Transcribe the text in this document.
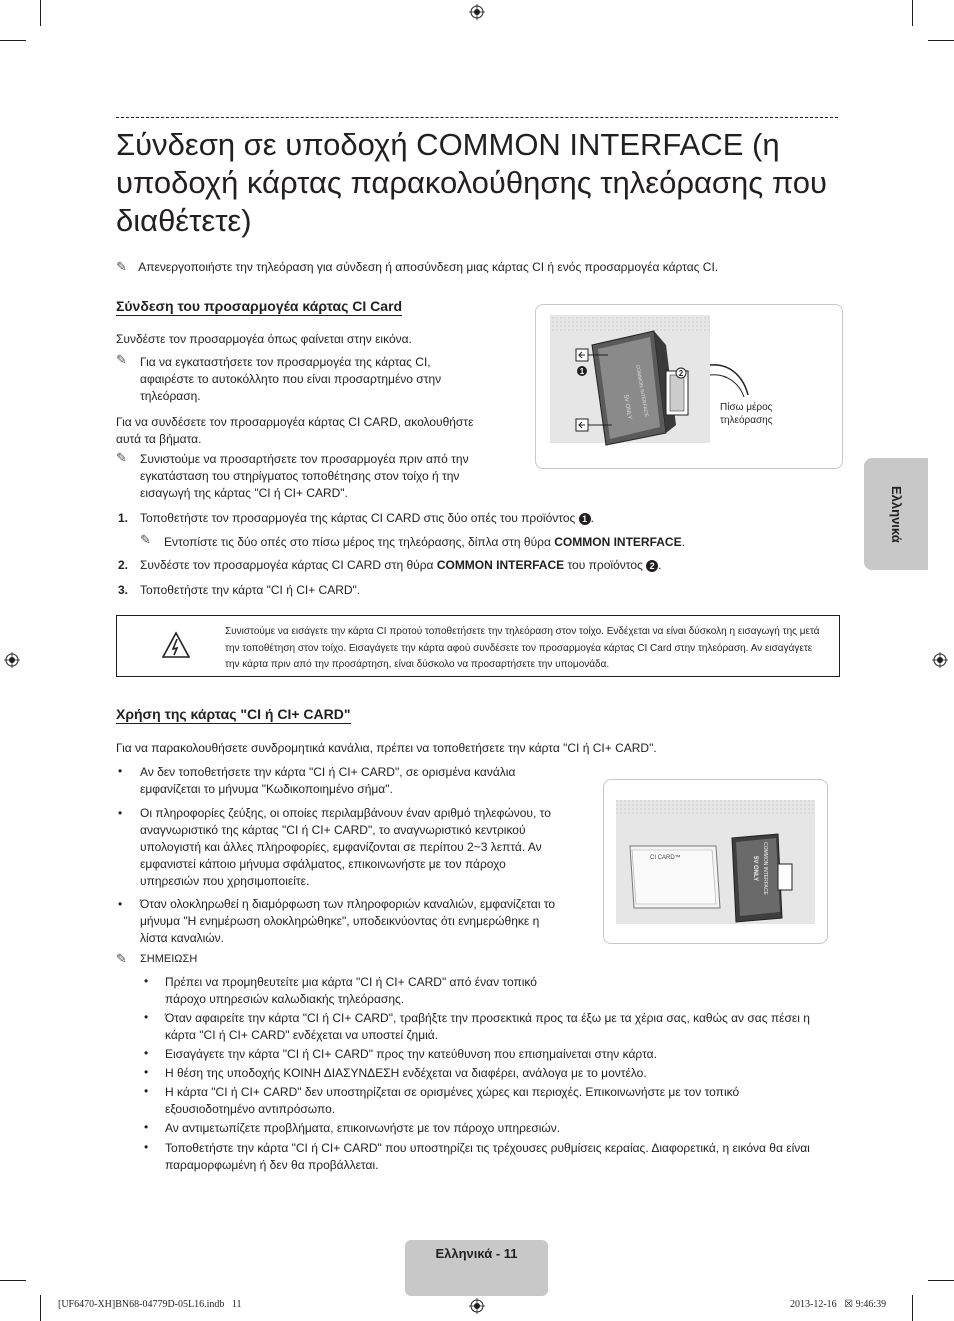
Σύνδεση σε υποδοχή COMMON INTERFACE (η υποδοχή κάρτας παρακολούθησης τηλεόρασης που διαθέτετε)
✎ Απενεργοποιήστε την τηλεόραση για σύνδεση ή αποσύνδεση μιας κάρτας CI ή ενός προσαρμογέα κάρτας CI.
Ελληνικά
Σύνδεση του προσαρμογέα κάρτας CI Card
Συνδέστε τον προσαρμογέα όπως φαίνεται στην εικόνα.
✎ Για να εγκαταστήσετε τον προσαρμογέα της κάρτας CI, αφαιρέστε το αυτοκόλλητο που είναι προσαρτημένο στην τηλεόραση.
Για να συνδέσετε τον προσαρμογέα κάρτας CI CARD, ακολουθήστε αυτά τα βήματα.
✎ Συνιστούμε να προσαρτήσετε τον προσαρμογέα πριν από την εγκατάσταση του στηρίγματος τοποθέτησης στον τοίχο ή την εισαγωγή της κάρτας "CI ή CI+ CARD".
1	2
5V ONLY COMMON INTERFACE	Πίσω μέρος τηλεόρασης
1. Τοποθετήστε τον προσαρμογέα της κάρτας CI CARD στις δύο οπές του προϊόντος 1 .
✎ Εντοπίστε τις δύο οπές στο πίσω μέρος της τηλεόρασης, δίπλα στη θύρα COMMON INTERFACE.
2. Συνδέστε τον προσαρμογέα κάρτας CI CARD στη θύρα COMMON INTERFACE του προϊόντος 2 .
3. Τοποθετήστε την κάρτα "CI ή CI+ CARD".
Συνιστούμε να εισάγετε την κάρτα CI προτού τοποθετήσετε την τηλεόραση στον τοίχο. Ενδέχεται να είναι δύσκολη η εισαγωγή της μετά την τοποθέτηση στον τοίχο. Εισαγάγετε την κάρτα αφού συνδέσετε τον προσαρμογέα κάρτας CI Card στην τηλεόραση. Αν εισαγάγετε την κάρτα πριν από την προσάρτηση, είναι δύσκολο να προσαρτήσετε την υπομονάδα.
Χρήση της κάρτας "CI ή CI+ CARD"
Για να παρακολουθήσετε συνδρομητικά κανάλια, πρέπει να τοποθετήσετε την κάρτα "CI ή CI+ CARD".
• Αν δεν τοποθετήσετε την κάρτα "CI ή CI+ CARD", σε ορισμένα κανάλια εμφανίζεται το μήνυμα "Κωδικοποιημένο σήμα".
• Οι πληροφορίες ζεύξης, οι οποίες περιλαμβάνουν έναν αριθμό τηλεφώνου, το αναγνωριστικό της κάρτας "CI ή CI+ CARD", το αναγνωριστικό κεντρικού υπολογιστή και άλλες πληροφορίες, εμφανίζονται σε περίπου 2~3 λεπτά. Αν εμφανιστεί κάποιο μήνυμα σφάλματος, επικοινωνήστε με τον πάροχο υπηρεσιών που χρησιμοποιείτε.
• Όταν ολοκληρωθεί η διαμόρφωση των πληροφοριών καναλιών, εμφανίζεται το μήνυμα "Η ενημέρωση ολοκληρώθηκε", υποδεικνύοντας ότι ενημερώθηκε η λίστα καναλιών.
CI CARD™	COMMON INTERFACE
5V ONLY
✎ ΣΗΜΕΙΩΣΗ
• Πρέπει να προμηθευτείτε μια κάρτα "CI ή CI+ CARD" από έναν τοπικό πάροχο υπηρεσιών καλωδιακής τηλεόρασης.
• Όταν αφαιρείτε την κάρτα "CI ή CI+ CARD", τραβήξτε την προσεκτικά προς τα έξω με τα χέρια σας, καθώς αν σας πέσει η κάρτα "CI ή CI+ CARD" ενδέχεται να υποστεί ζημιά.
• Εισαγάγετε την κάρτα "CI ή CI+ CARD" προς την κατεύθυνση που επισημαίνεται στην κάρτα.
• Η θέση της υποδοχής ΚΟΙΝΗ ΔΙΑΣΥΝΔΕΣΗ ενδέχεται να διαφέρει, ανάλογα με το μοντέλο.
• Η κάρτα "CI ή CI+ CARD" δεν υποστηρίζεται σε ορισμένες χώρες και περιοχές. Επικοινωνήστε με τον τοπικό εξουσιοδοτημένο αντιπρόσωπο.
• Αν αντιμετωπίζετε προβλήματα, επικοινωνήστε με τον πάροχο υπηρεσιών.
• Τοποθετήστε την κάρτα "CI ή CI+ CARD" που υποστηρίζει τις τρέχουσες ρυθμίσεις κεραίας. Διαφορετικά, η εικόνα θα είναι παραμορφωμένη ή δεν θα προβάλλεται.
Ελληνικά - 11
[UF6470-XH]BN68-04779D-05L16.indb   11	2013-12-16   ☒ 9:46:39
